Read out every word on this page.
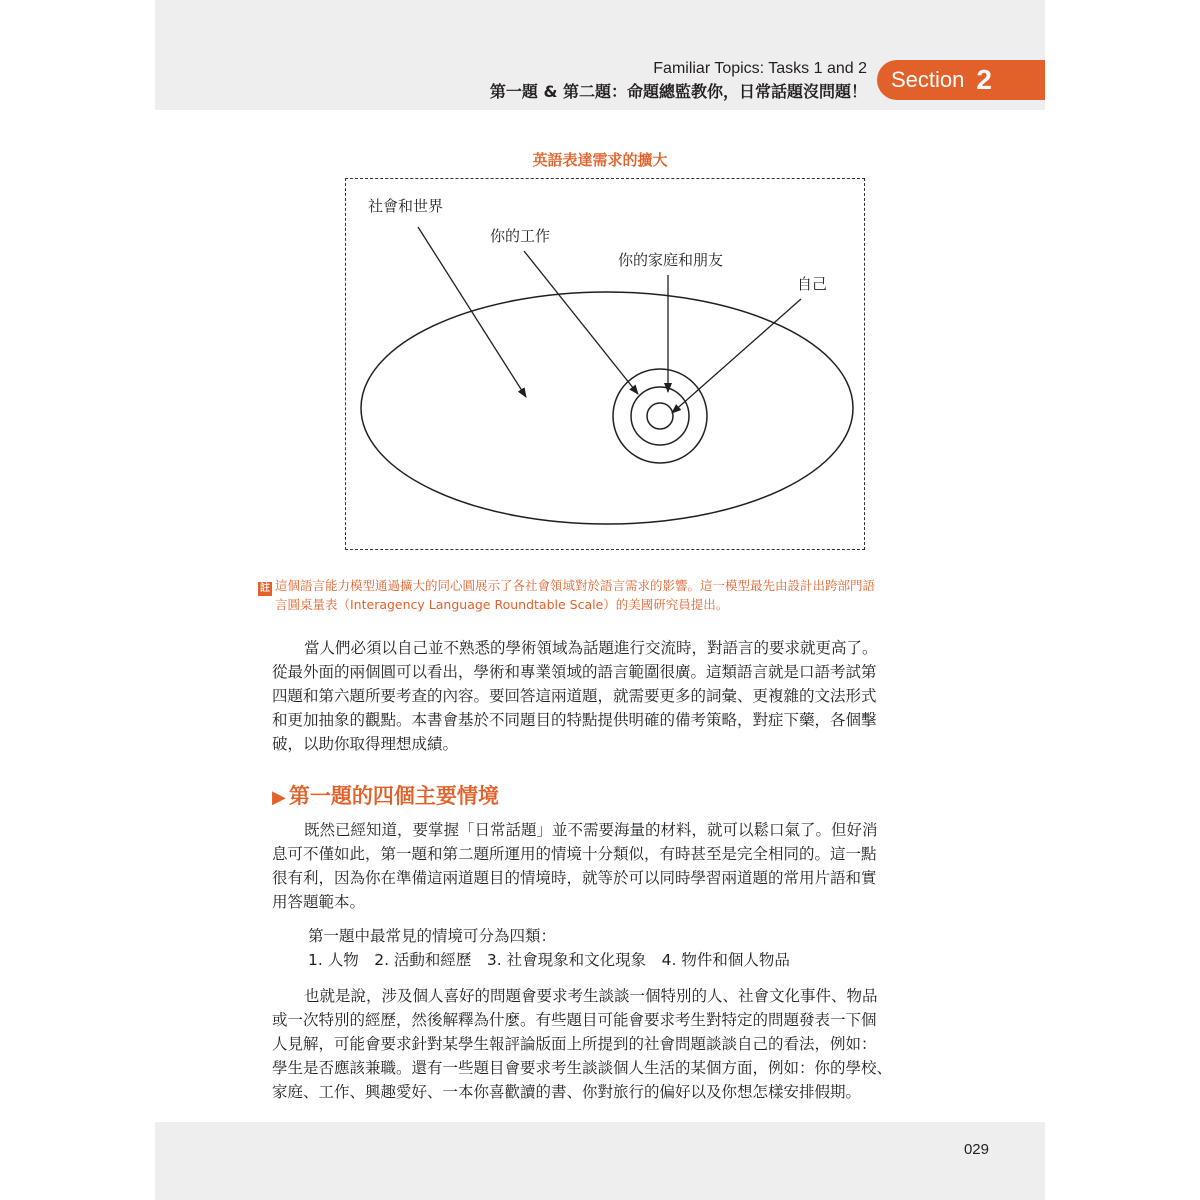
Familiar Topics: Tasks 1 and 2
第一題 & 第二題：命題總監教你，日常話題沒問題！ Section 2
英語表達需求的擴大
社會和世界
你的工作
你的家庭和朋友
自己
註 這個語言能力模型通過擴大的同心圓展示了各社會領域對於語言需求的影響。這一模型最先由設計出跨部門語
言圓桌量表（Interagency Language Roundtable Scale）的美國研究員提出。

當人們必須以自己並不熟悉的學術領域為話題進行交流時，對語言的要求就更高了。

從最外面的兩個圓可以看出，學術和專業領域的語言範圍很廣。這類語言就是口語考試第

四題和第六題所要考查的內容。要回答這兩道題，就需要更多的詞彙、更複雜的文法形式

和更加抽象的觀點。本書會基於不同題目的特點提供明確的備考策略，對症下藥，各個擊

破，以助你取得理想成績。

▶ 第一題的四個主要情境

既然已經知道，要掌握「日常話題」並不需要海量的材料，就可以鬆口氣了。但好消

息可不僅如此，第一題和第二題所運用的情境十分類似，有時甚至是完全相同的。這一點

很有利，因為你在準備這兩道題目的情境時，就等於可以同時學習兩道題的常用片語和實

用答題範本。

第一題中最常見的情境可分為四類：

1. 人物　2. 活動和經歷　3. 社會現象和文化現象　4. 物件和個人物品

也就是說，涉及個人喜好的問題會要求考生談談一個特別的人、社會文化事件、物品

或一次特別的經歷，然後解釋為什麼。有些題目可能會要求考生對特定的問題發表一下個

人見解，可能會要求針對某學生報評論版面上所提到的社會問題談談自己的看法，例如：

學生是否應該兼職。還有一些題目會要求考生談談個人生活的某個方面，例如：你的學校、

家庭、工作、興趣愛好、一本你喜歡讀的書、你對旅行的偏好以及你想怎樣安排假期。

029
